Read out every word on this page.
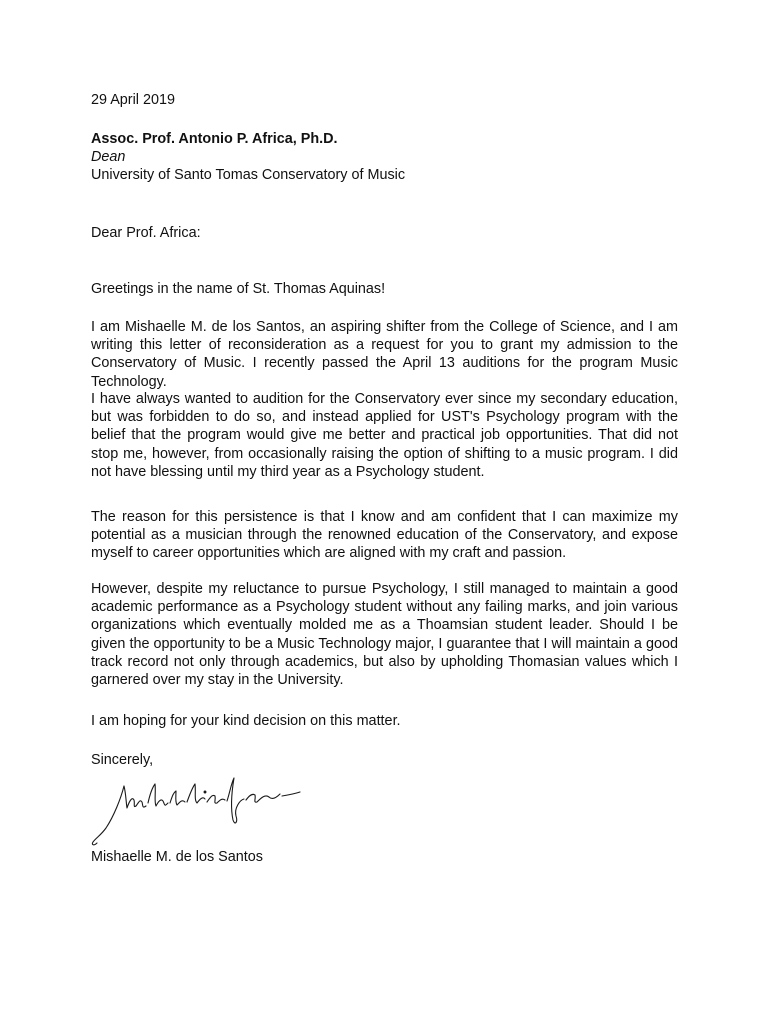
29 April 2019

Assoc. Prof. Antonio P. Africa, Ph.D.
Dean
University of Santo Tomas Conservatory of Music

Dear Prof. Africa:

Greetings in the name of St. Thomas Aquinas!

I am Mishaelle M. de los Santos, an aspiring shifter from the College of Science, and I am writing this letter of reconsideration as a request for you to grant my admission to the Conservatory of Music. I recently passed the April 13 auditions for the program Music Technology.

I have always wanted to audition for the Conservatory ever since my secondary education, but was forbidden to do so, and instead applied for UST's Psychology program with the belief that the program would give me better and practical job opportunities. That did not stop me, however, from occasionally raising the option of shifting to a music program. I did not have blessing until my third year as a Psychology student.

The reason for this persistence is that I know and am confident that I can maximize my potential as a musician through the renowned education of the Conservatory, and expose myself to career opportunities which are aligned with my craft and passion.

However, despite my reluctance to pursue Psychology, I still managed to maintain a good academic performance as a Psychology student without any failing marks, and join various organizations which eventually molded me as a Thoamsian student leader. Should I be given the opportunity to be a Music Technology major, I guarantee that I will maintain a good track record not only through academics, but also by upholding Thomasian values which I garnered over my stay in the University.

I am hoping for your kind decision on this matter.

Sincerely,

Mishaelle M. de los Santos
